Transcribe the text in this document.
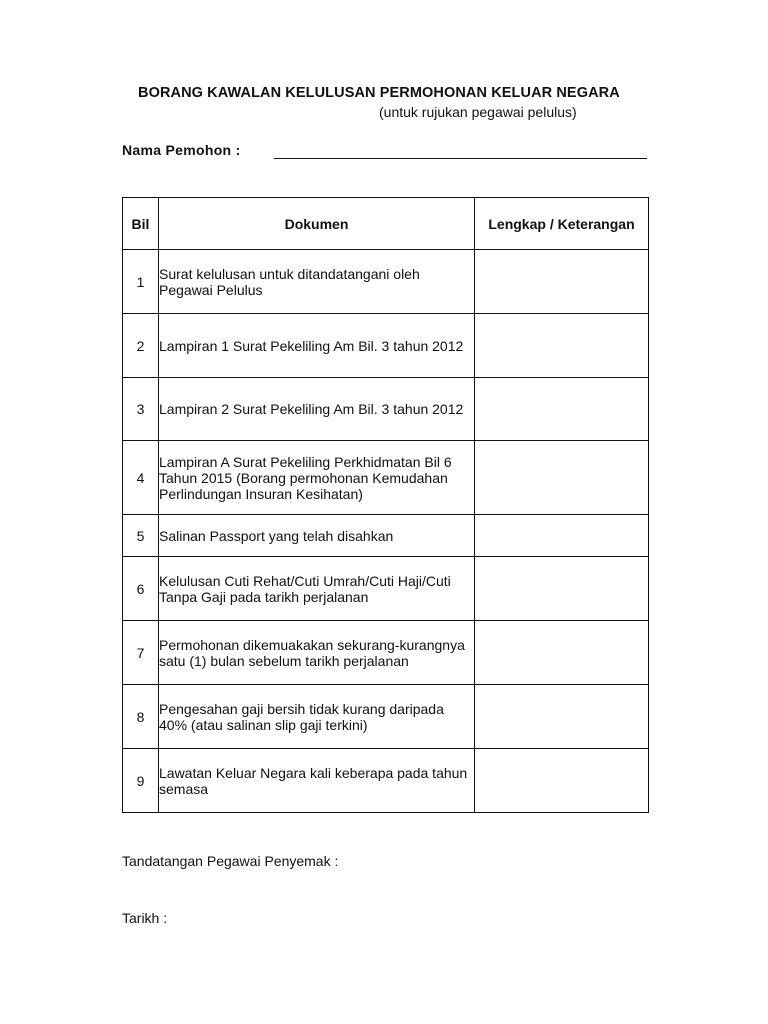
BORANG KAWALAN KELULUSAN PERMOHONAN KELUAR NEGARA
(untuk rujukan pegawai pelulus)
Nama Pemohon :
Bil	Dokumen	Lengkap / Keterangan
1	Surat kelulusan untuk ditandatangani oleh Pegawai Pelulus	
2	Lampiran 1 Surat Pekeliling Am Bil. 3 tahun 2012	
3	Lampiran 2 Surat Pekeliling Am Bil. 3 tahun 2012	
4	Lampiran A Surat Pekeliling Perkhidmatan Bil 6 Tahun 2015 (Borang permohonan Kemudahan Perlindungan Insuran Kesihatan)	
5	Salinan Passport yang telah disahkan	
6	Kelulusan Cuti Rehat/Cuti Umrah/Cuti Haji/Cuti Tanpa Gaji pada tarikh perjalanan	
7	Permohonan dikemuakakan sekurang-kurangnya satu (1) bulan sebelum tarikh perjalanan	
8	Pengesahan gaji bersih tidak kurang daripada 40% (atau salinan slip gaji terkini)	
9	Lawatan Keluar Negara kali keberapa pada tahun semasa	
Tandatangan Pegawai Penyemak :
Tarikh :
